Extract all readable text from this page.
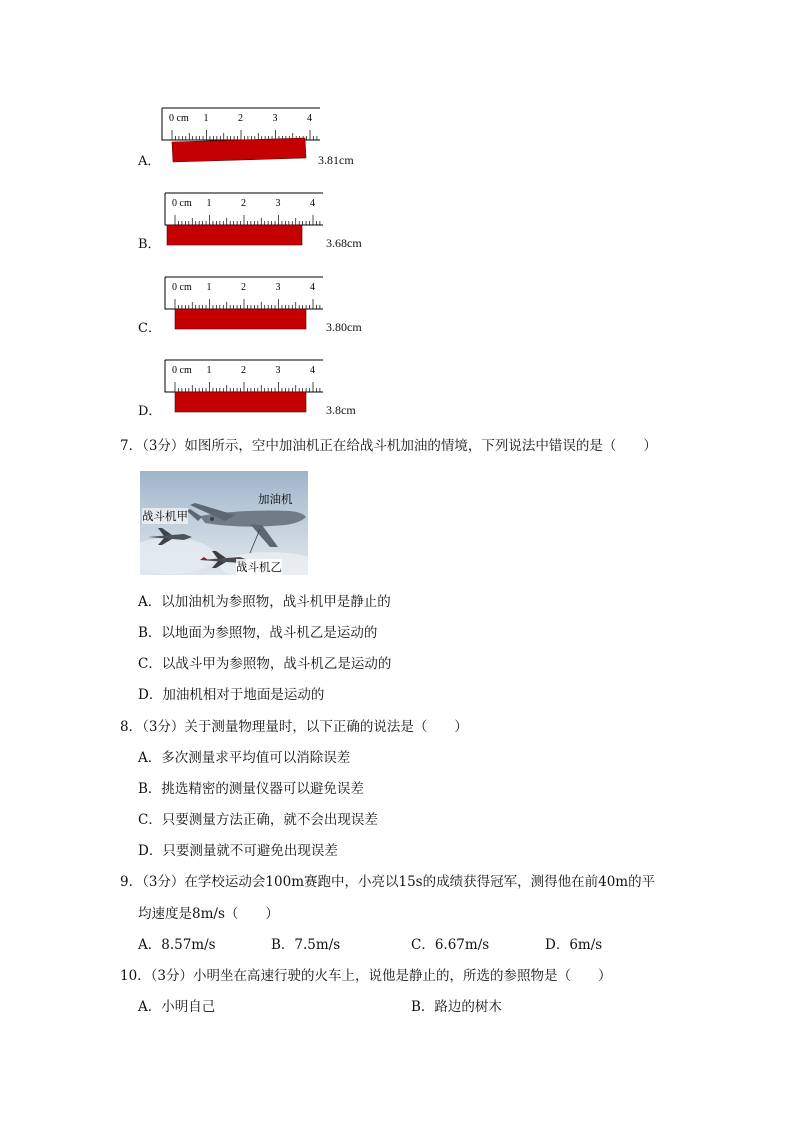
A．
0 cm 1	2	3	4
3.81cm
B．
0 cm 1	2	3	4
3.68cm
C．
0 cm 1	2	3	4
3.80cm
D．
0 cm 1	2	3	4
3.8cm
7．（3分）如图所示，空中加油机正在给战斗机加油的情境，下列说法中错误的是（　　）
加油机
战斗机甲
战斗机乙
A．以加油机为参照物，战斗机甲是静止的
B．以地面为参照物，战斗机乙是运动的
C．以战斗甲为参照物，战斗机乙是运动的
D．加油机相对于地面是运动的
8．（3分）关于测量物理量时，以下正确的说法是（　　）
A．多次测量求平均值可以消除误差
B．挑选精密的测量仪器可以避免误差
C．只要测量方法正确，就不会出现误差
D．只要测量就不可避免出现误差
9．（3分）在学校运动会100m赛跑中，小亮以15s的成绩获得冠军，测得他在前40m的平
均速度是8m/s（　　）
A．8.57m/s	B．7.5m/s	C．6.67m/s	D．6m/s
10．（3分）小明坐在高速行驶的火车上，说他是静止的，所选的参照物是（　　）
A．小明自己	B．路边的树木
